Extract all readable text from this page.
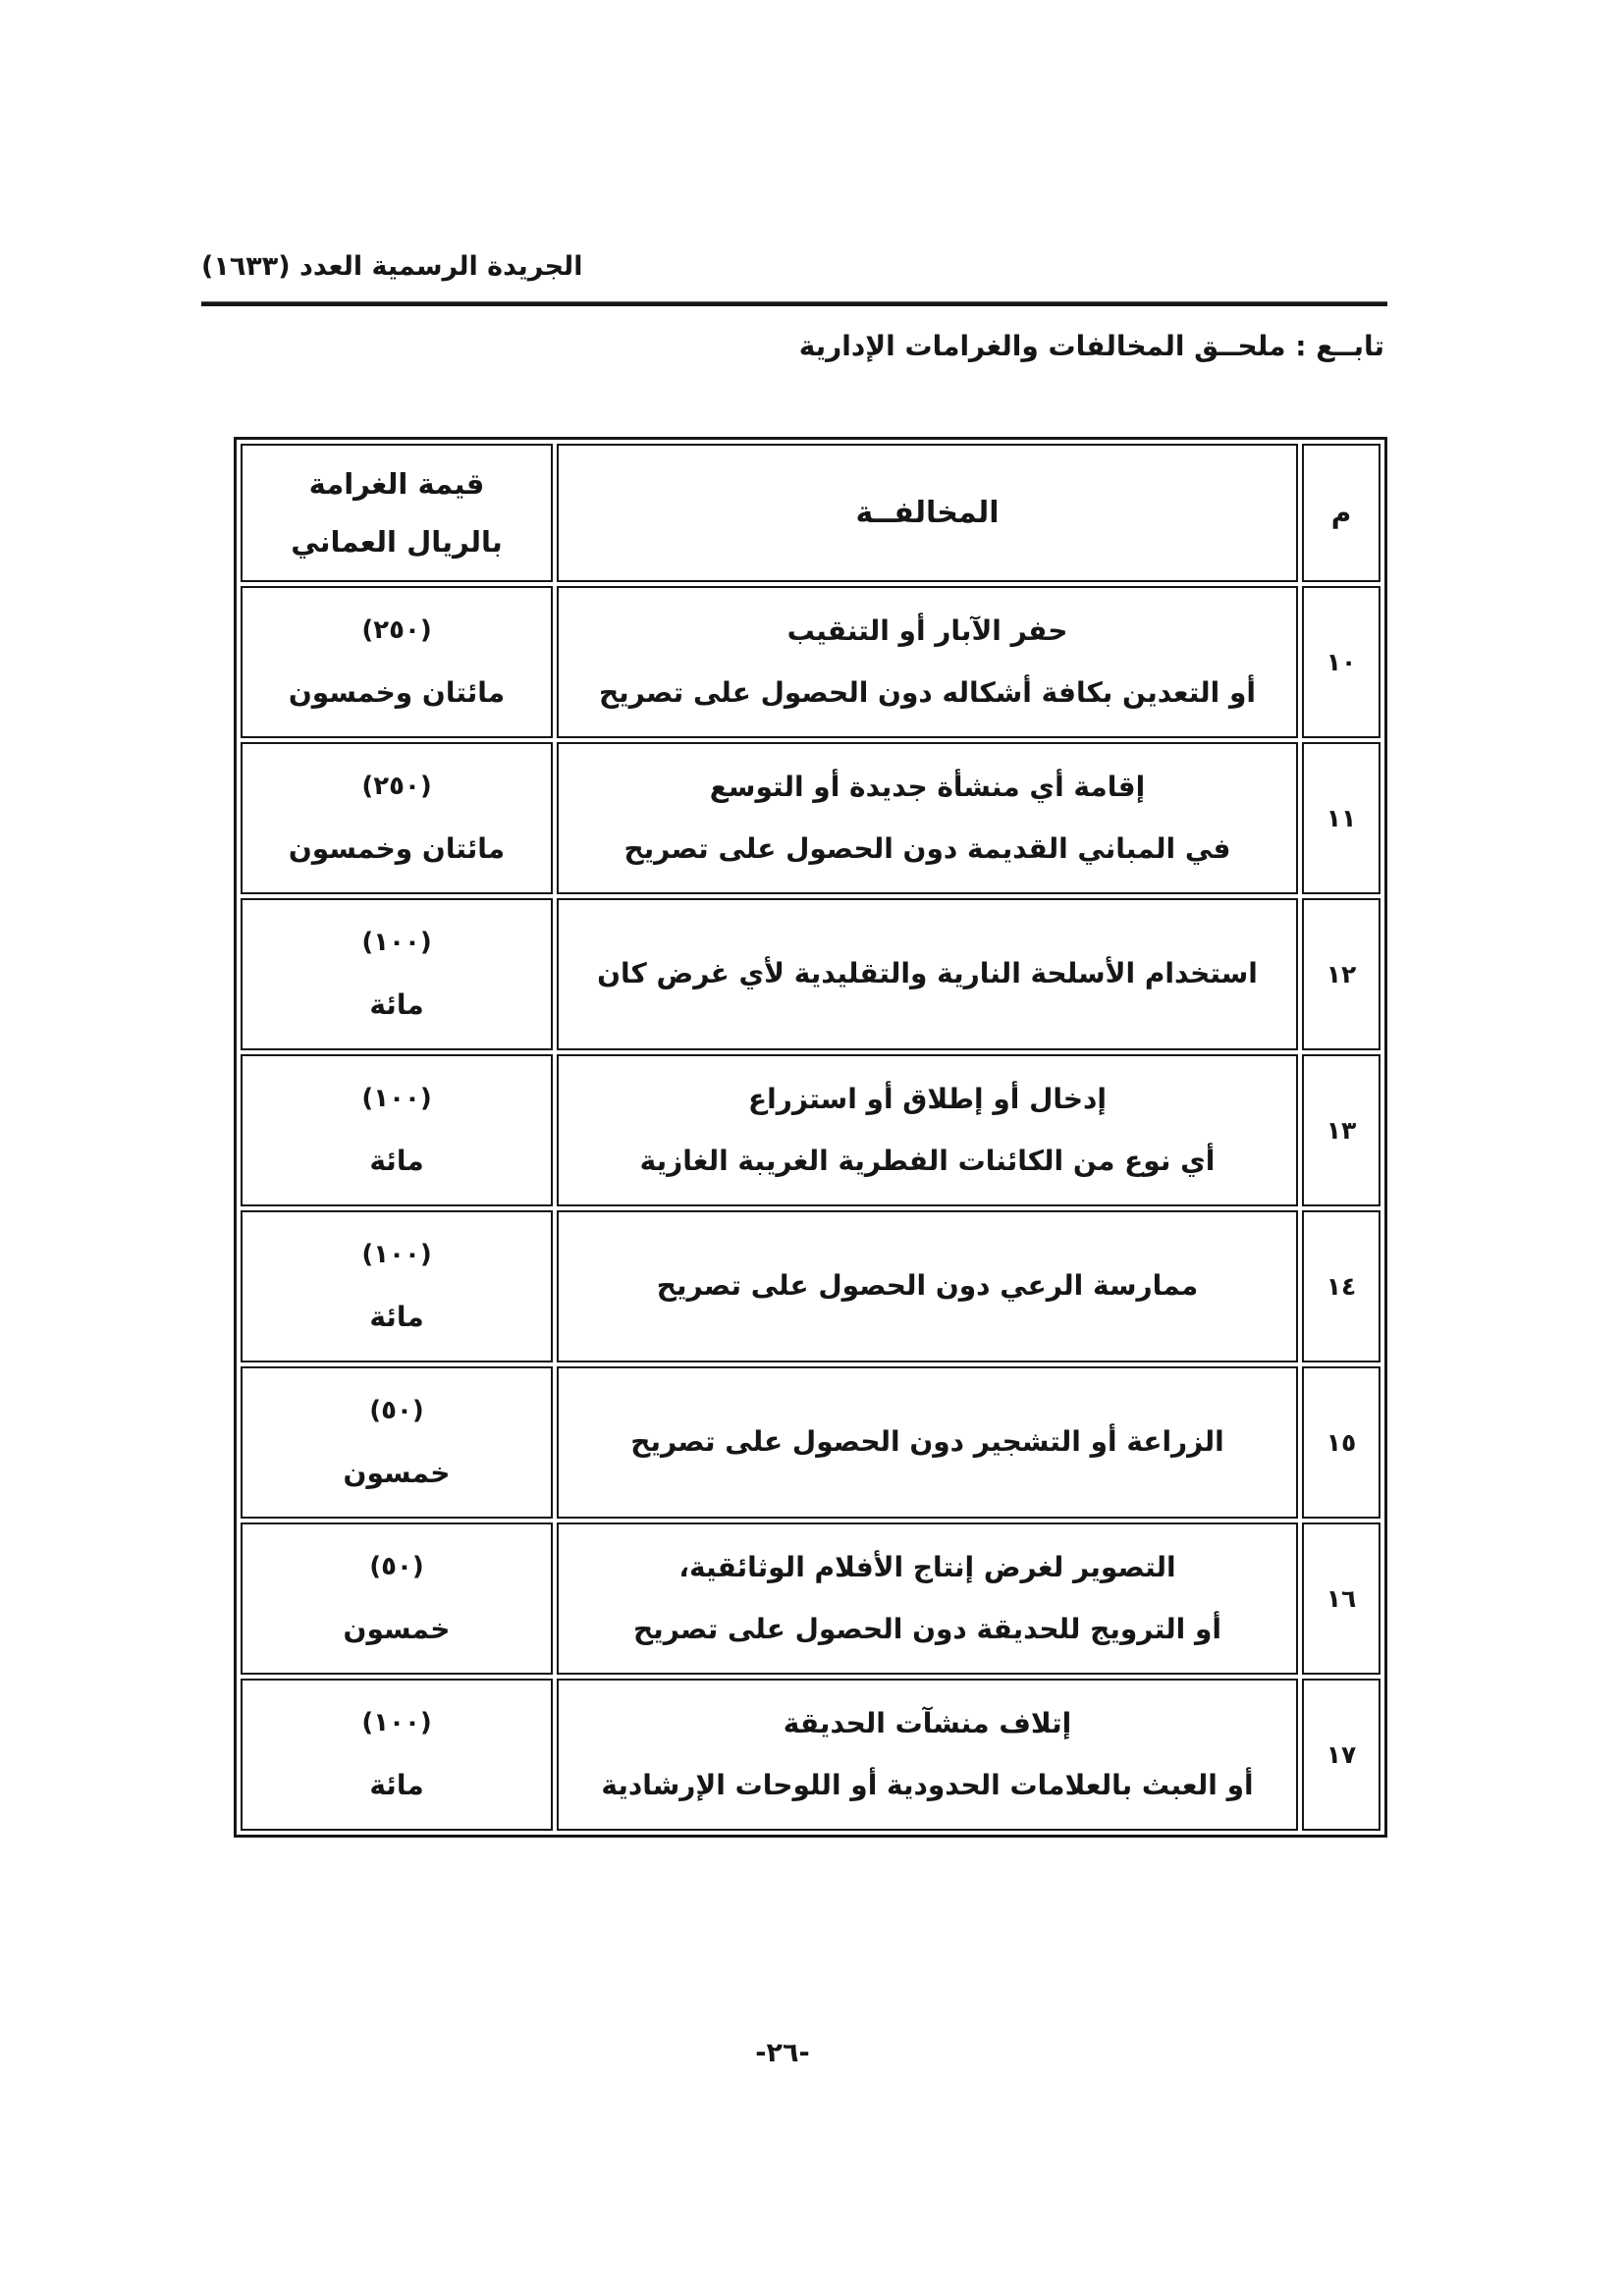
الجريدة الرسمية العدد (١٦٣٣)
تابــع : ملحــق المخالفات والغرامات الإدارية
م	المخالفــة	قيمة الغرامة
بالريال العماني

١٠	حفر الآبار أو التنقيب
أو التعدين بكافة أشكاله دون الحصول على تصريح	(٢٥٠)
مائتان وخمسون

١١	إقامة أي منشأة جديدة أو التوسع
في المباني القديمة دون الحصول على تصريح	(٢٥٠)
مائتان وخمسون

١٢	استخدام الأسلحة النارية والتقليدية لأي غرض كان	(١٠٠)
مائة

١٣	إدخال أو إطلاق أو استزراع
أي نوع من الكائنات الفطرية الغريبة الغازية	(١٠٠)
مائة

١٤	ممارسة الرعي دون الحصول على تصريح	(١٠٠)
مائة

١٥	الزراعة أو التشجير دون الحصول على تصريح	(٥٠)
خمسون

١٦	التصوير لغرض إنتاج الأفلام الوثائقية،
أو الترويج للحديقة دون الحصول على تصريح	(٥٠)
خمسون

١٧	إتلاف منشآت الحديقة
أو العبث بالعلامات الحدودية أو اللوحات الإرشادية	(١٠٠)
مائة
-٢٦-
